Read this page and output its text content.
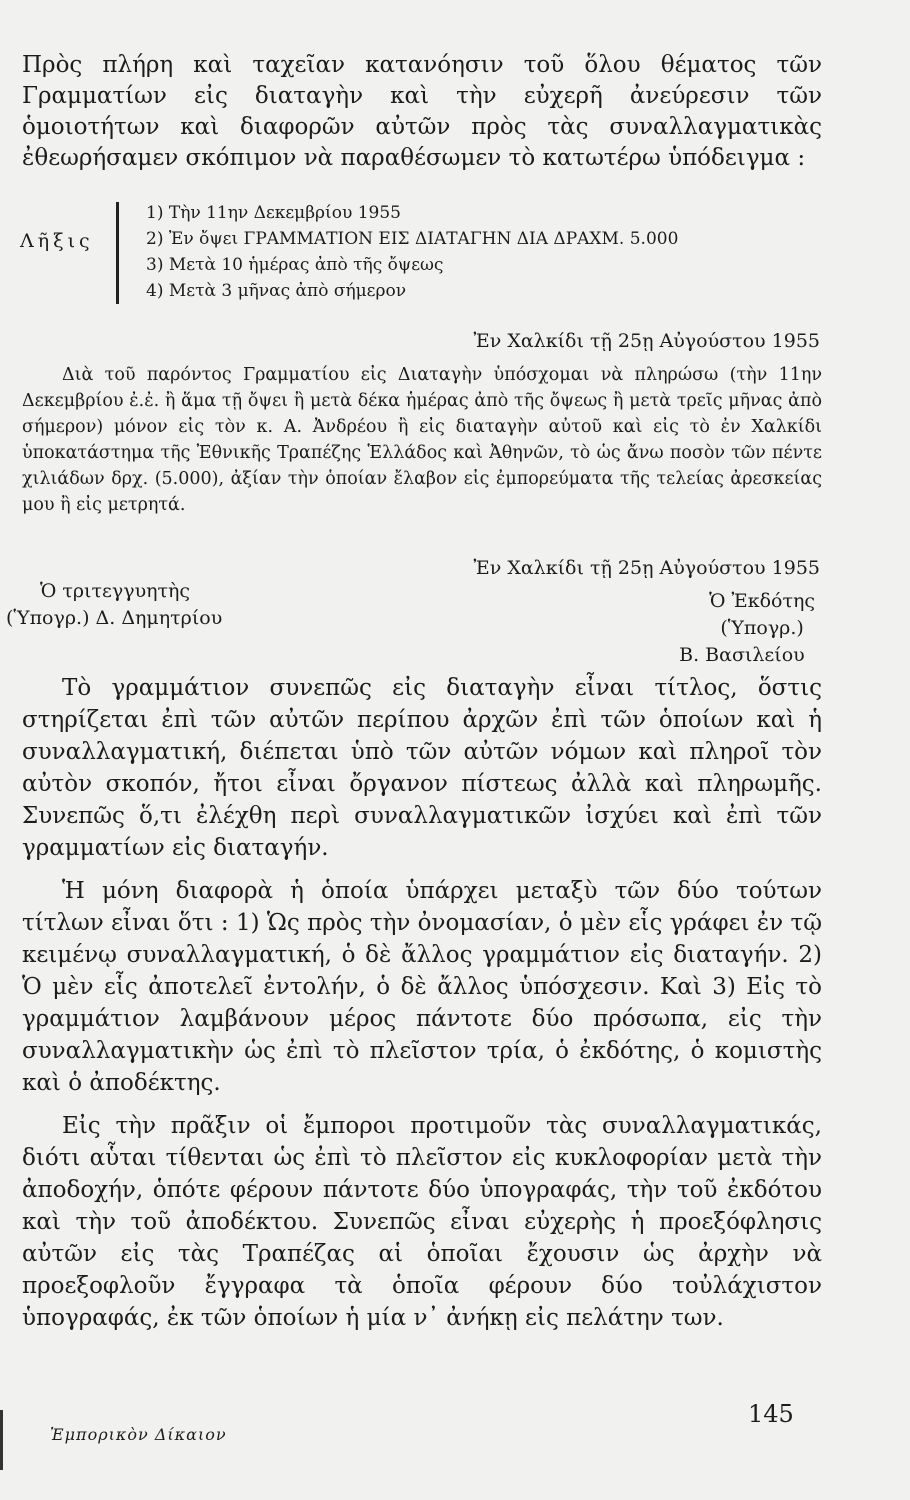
Πρὸς πλήρη καὶ ταχεῖαν κατανόησιν τοῦ ὅλου θέματος τῶν Γραμματίων εἰς διαταγὴν καὶ τὴν εὐχερῆ ἀνεύρεσιν τῶν ὁμοιοτήτων καὶ διαφορῶν αὐτῶν πρὸς τὰς συναλλαγματικὰς ἐθεωρήσαμεν σκόπιμον νὰ παραθέσωμεν τὸ κατωτέρω ὑπόδειγμα :

Λῆξις
1) Τὴν 11ην Δεκεμβρίου 1955
2) Ἐν ὄψει ΓΡΑΜΜΑΤΙΟΝ ΕΙΣ ΔΙΑΤΑΓΗΝ ΔΙΑ ΔΡΑΧΜ. 5.000
3) Μετὰ 10 ἡμέρας ἀπὸ τῆς ὄψεως
4) Μετὰ 3 μῆνας ἀπὸ σήμερον
Ἐν Χαλκίδι τῇ 25ῃ Αὐγούστου 1955

Διὰ τοῦ παρόντος Γραμματίου εἰς Διαταγὴν ὑπόσχομαι νὰ πληρώσω (τὴν 11ην Δεκεμβρίου ἐ.ἐ. ἢ ἅμα τῇ ὄψει ἢ μετὰ δέκα ἡμέρας ἀπὸ τῆς ὄψεως ἢ μετὰ τρεῖς μῆνας ἀπὸ σήμερον) μόνον εἰς τὸν κ. Α. Ἀνδρέου ἢ εἰς διαταγὴν αὐτοῦ καὶ εἰς τὸ ἐν Χαλκίδι ὑποκατάστημα τῆς Ἐθνικῆς Τραπέζης Ἑλλάδος καὶ Ἀθηνῶν, τὸ ὡς ἄνω ποσὸν τῶν πέντε χιλιάδων δρχ. (5.000), ἀξίαν τὴν ὁποίαν ἔλαβον εἰς ἐμπορεύματα τῆς τελείας ἀρεσκείας μου ἢ εἰς μετρητά.

Ἐν Χαλκίδι τῇ 25ῃ Αὐγούστου 1955
Ὁ τριτεγγυητὴς
(Ὑπογρ.) Δ. Δημητρίου
Ὁ Ἐκδότης
(Ὑπογρ.)
Β. Βασιλείου

Τὸ γραμμάτιον συνεπῶς εἰς διαταγὴν εἶναι τίτλος, ὅστις στηρίζεται ἐπὶ τῶν αὐτῶν περίπου ἀρχῶν ἐπὶ τῶν ὁποίων καὶ ἡ συναλλαγματική, διέπεται ὑπὸ τῶν αὐτῶν νόμων καὶ πληροῖ τὸν αὐτὸν σκοπόν, ἤτοι εἶναι ὄργανον πίστεως ἀλλὰ καὶ πληρωμῆς. Συνεπῶς ὅ,τι ἐλέχθη περὶ συναλλαγματικῶν ἰσχύει καὶ ἐπὶ τῶν γραμματίων εἰς διαταγήν.

Ἡ μόνη διαφορὰ ἡ ὁποία ὑπάρχει μεταξὺ τῶν δύο τούτων τίτλων εἶναι ὅτι : 1) Ὡς πρὸς τὴν ὀνομασίαν, ὁ μὲν εἷς γράφει ἐν τῷ κειμένῳ συναλλαγματική, ὁ δὲ ἄλλος γραμμάτιον εἰς διαταγήν. 2) Ὁ μὲν εἷς ἀποτελεῖ ἐντολήν, ὁ δὲ ἄλλος ὑπόσχεσιν. Καὶ 3) Εἰς τὸ γραμμάτιον λαμβάνουν μέρος πάντοτε δύο πρόσωπα, εἰς τὴν συναλλαγματικὴν ὡς ἐπὶ τὸ πλεῖστον τρία, ὁ ἐκδότης, ὁ κομιστὴς καὶ ὁ ἀποδέκτης.

Εἰς τὴν πρᾶξιν οἱ ἔμποροι προτιμοῦν τὰς συναλλαγματικάς, διότι αὗται τίθενται ὡς ἐπὶ τὸ πλεῖστον εἰς κυκλοφορίαν μετὰ τὴν ἀποδοχήν, ὁπότε φέρουν πάντοτε δύο ὑπογραφάς, τὴν τοῦ ἐκδότου καὶ τὴν τοῦ ἀποδέκτου. Συνεπῶς εἶναι εὐχερὴς ἡ προεξόφλησις αὐτῶν εἰς τὰς Τραπέζας αἱ ὁποῖαι ἔχουσιν ὡς ἀρχὴν νὰ προεξοφλοῦν ἔγγραφα τὰ ὁποῖα φέρουν δύο τοὐλάχιστον ὑπογραφάς, ἐκ τῶν ὁποίων ἡ μία ν᾽ ἀνήκῃ εἰς πελάτην των.

145
Ἐμπορικὸν Δίκαιον
